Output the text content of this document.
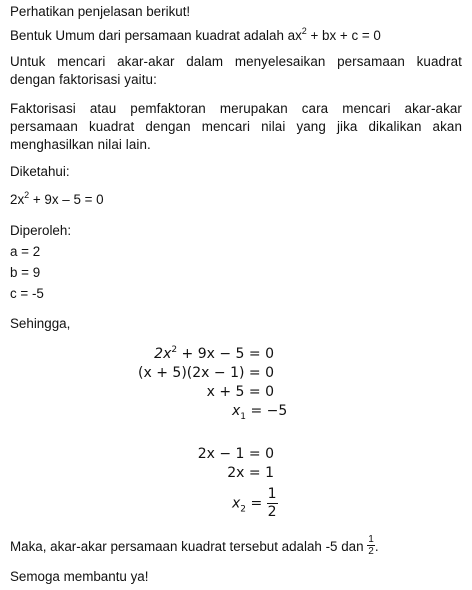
Perhatikan penjelasan berikut!
Bentuk Umum dari persamaan kuadrat adalah $ax^2$ + bx + c = 0
Untuk mencari akar-akar dalam menyelesaikan persamaan kuadrat dengan faktorisasi yaitu:
Faktorisasi atau pemfaktoran merupakan cara mencari akar-akar persamaan kuadrat dengan mencari nilai yang jika dikalikan akan menghasilkan nilai lain.
Diketahui:
$2x^2 + 9x - 5 = 0$
Diperoleh:
a = 2
b = 9
c = -5
Sehingga,
$2x^2 + 9x - 5 = 0$
(x + 5)(2x − 1) = 0
x + 5 = 0
$x_1 = -5$
2x − 1 = 0
2x = 1
$x_2 = \frac{1}{2}$
Maka, akar-akar persamaan kuadrat tersebut adalah -5 dan $\frac{1}{2}$ .
Semoga membantu ya!
